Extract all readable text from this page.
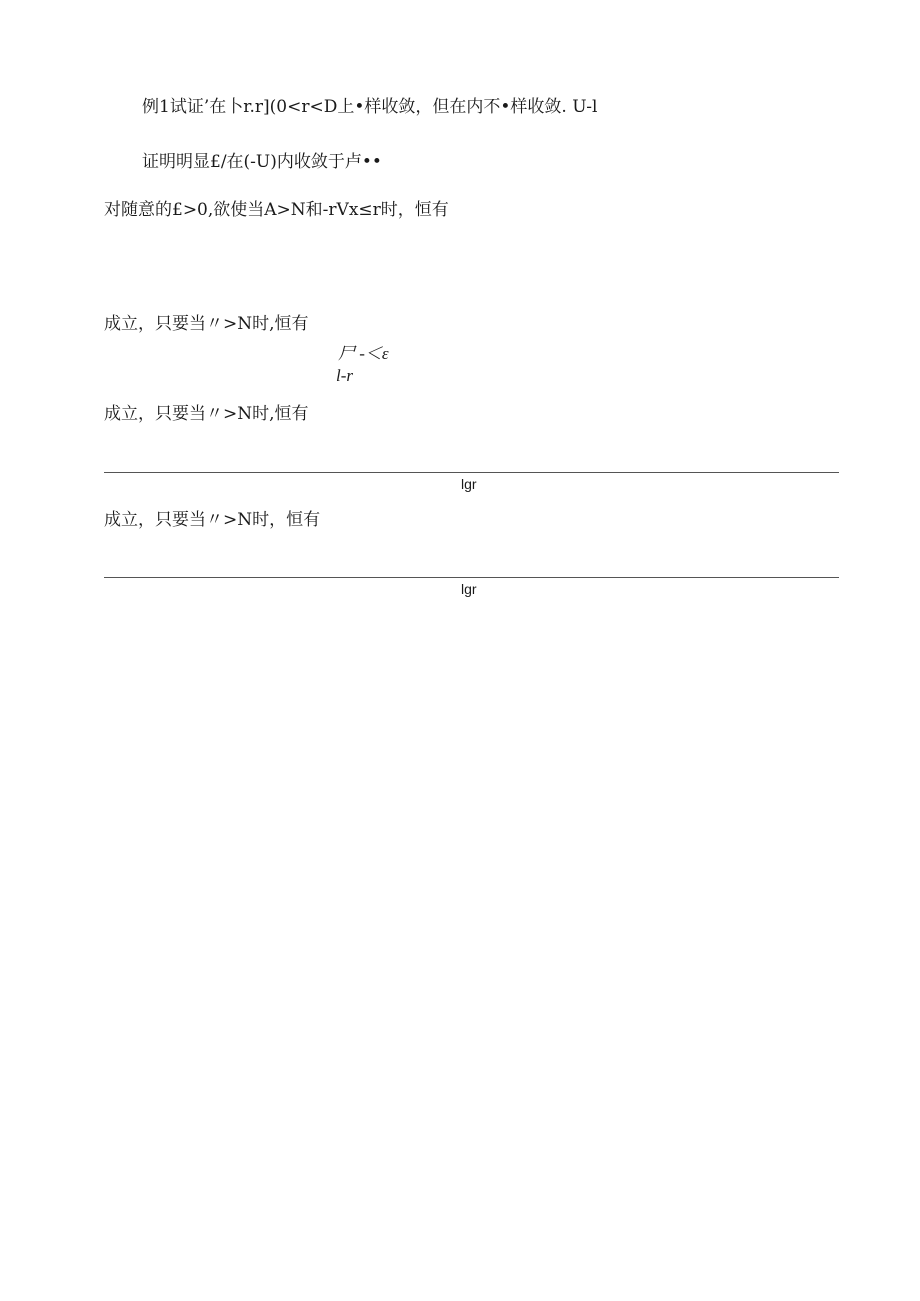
例1试证’在卜r.r](0<r<D上•样收敛，但在内不•样收敛. U-l
证明明显£/在(-U)内收敛于卢••
对随意的£>0,欲使当A>N和-rVx≤r时，恒有
成立，只要当〃>N时,恒有
尸 -＜ε
l-r
成立，只要当〃>N时,恒有
lgr
成立，只要当〃>N时，恒有
lgr
